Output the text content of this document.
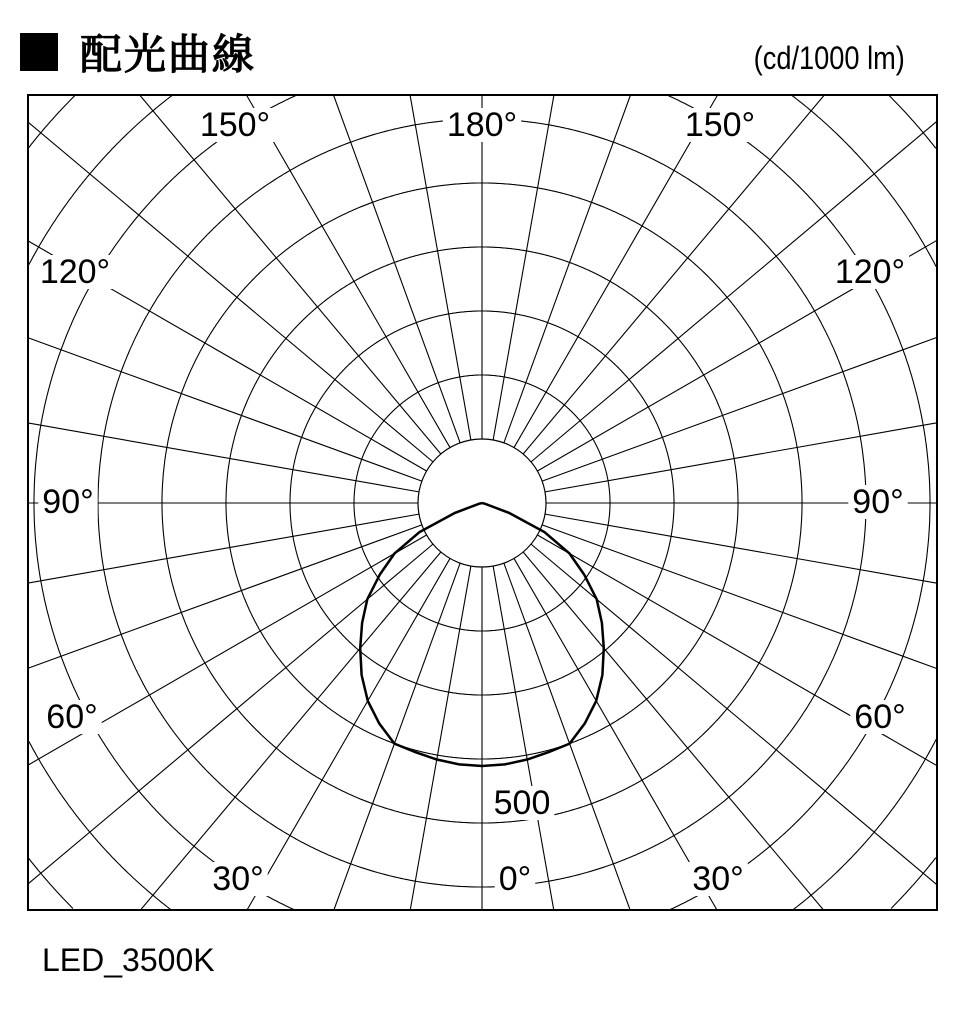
配光曲線	(cd/1000 lm)
180°
150°	150°
120°	120°
90°	90°
60°	60°
30°	30°
0°
500
LED_3500K
